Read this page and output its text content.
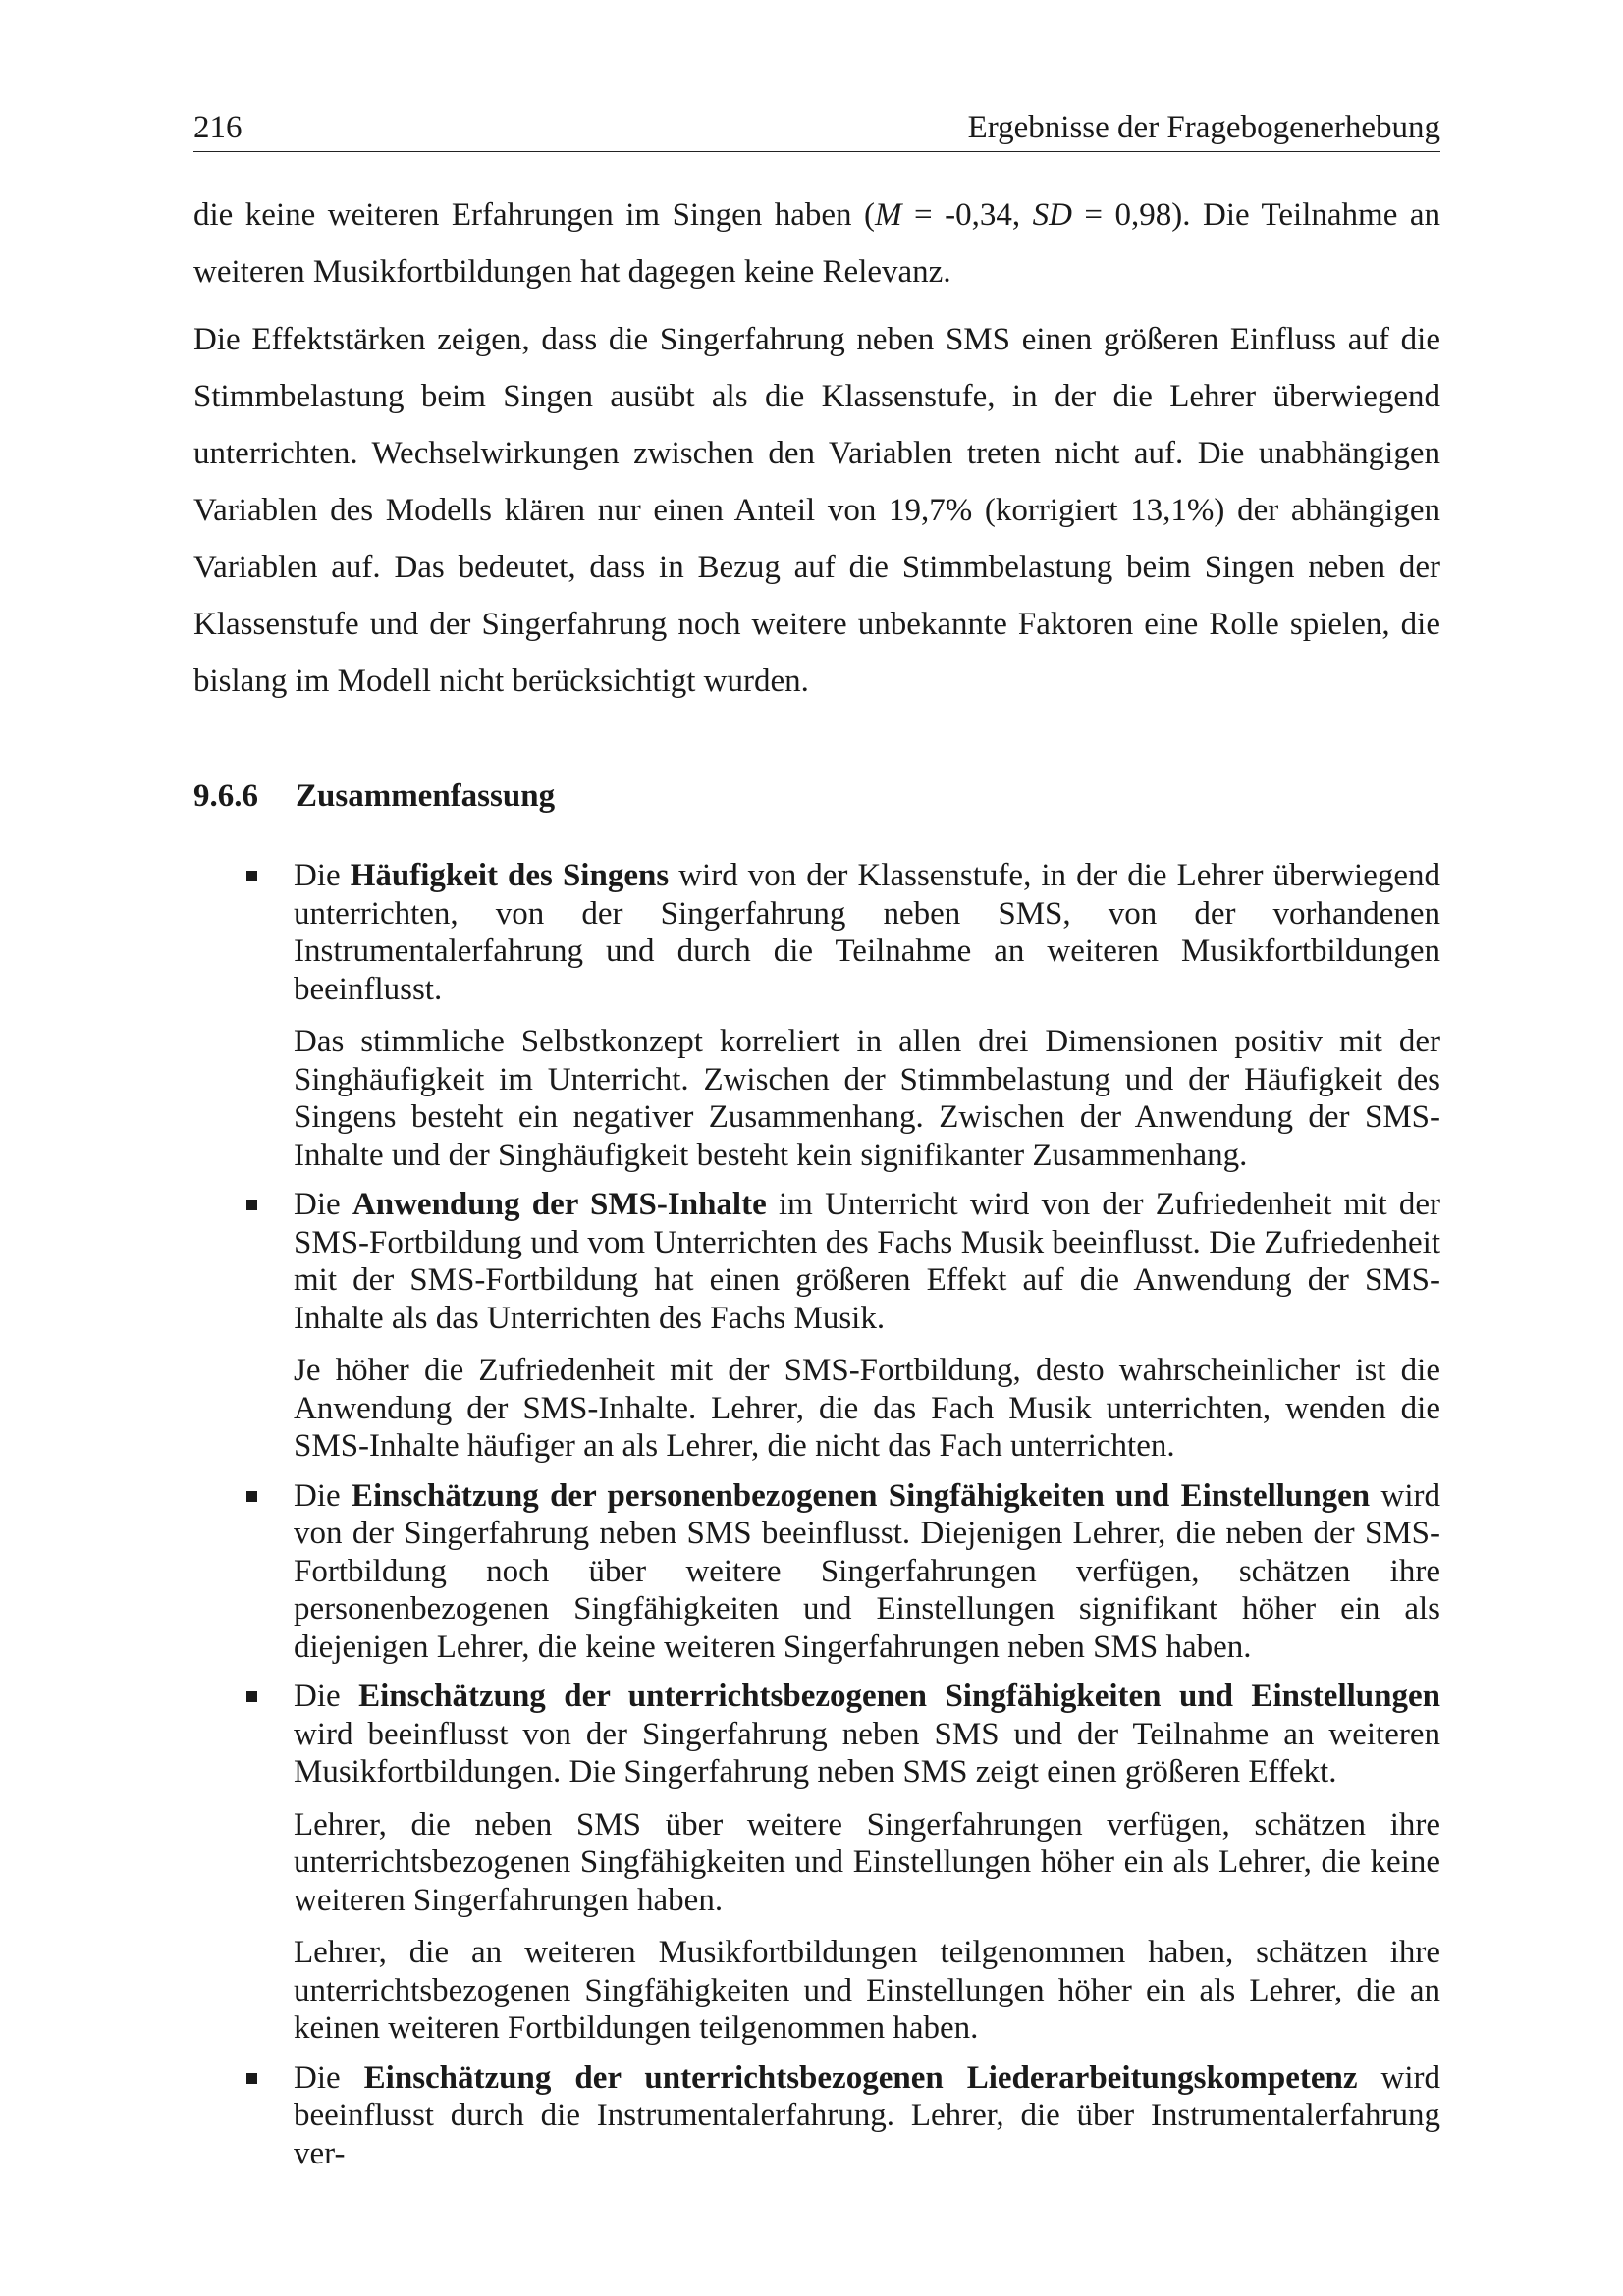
216	Ergebnisse der Fragebogenerhebung

die keine weiteren Erfahrungen im Singen haben (M = -0,34, SD = 0,98). Die Teilnahme an weiteren Musikfortbildungen hat dagegen keine Relevanz.

Die Effektstärken zeigen, dass die Singerfahrung neben SMS einen größeren Einfluss auf die Stimmbelastung beim Singen ausübt als die Klassenstufe, in der die Lehrer überwiegend unterrichten. Wechselwirkungen zwischen den Variablen treten nicht auf. Die unabhängigen Variablen des Modells klären nur einen Anteil von 19,7% (korrigiert 13,1%) der abhängigen Variablen auf. Das bedeutet, dass in Bezug auf die Stimmbelastung beim Singen neben der Klassenstufe und der Singerfahrung noch weitere unbekannte Faktoren eine Rolle spielen, die bislang im Modell nicht berücksichtigt wurden.

9.6.6 Zusammenfassung

Die Häufigkeit des Singens wird von der Klassenstufe, in der die Lehrer überwiegend unterrichten, von der Singerfahrung neben SMS, von der vorhandenen Instrumentalerfahrung und durch die Teilnahme an weiteren Musikfortbildungen beeinflusst.

Das stimmliche Selbstkonzept korreliert in allen drei Dimensionen positiv mit der Singhäufigkeit im Unterricht. Zwischen der Stimmbelastung und der Häufigkeit des Singens besteht ein negativer Zusammenhang. Zwischen der Anwendung der SMS-Inhalte und der Singhäufigkeit besteht kein signifikanter Zusammenhang.

Die Anwendung der SMS-Inhalte im Unterricht wird von der Zufriedenheit mit der SMS-Fortbildung und vom Unterrichten des Fachs Musik beeinflusst. Die Zufriedenheit mit der SMS-Fortbildung hat einen größeren Effekt auf die Anwendung der SMS-Inhalte als das Unterrichten des Fachs Musik.

Je höher die Zufriedenheit mit der SMS-Fortbildung, desto wahrscheinlicher ist die Anwendung der SMS-Inhalte. Lehrer, die das Fach Musik unterrichten, wenden die SMS-Inhalte häufiger an als Lehrer, die nicht das Fach unterrichten.

Die Einschätzung der personenbezogenen Singfähigkeiten und Einstellungen wird von der Singerfahrung neben SMS beeinflusst. Diejenigen Lehrer, die neben der SMS-Fortbildung noch über weitere Singerfahrungen verfügen, schätzen ihre personenbezogenen Singfähigkeiten und Einstellungen signifikant höher ein als diejenigen Lehrer, die keine weiteren Singerfahrungen neben SMS haben.

Die Einschätzung der unterrichtsbezogenen Singfähigkeiten und Einstellungen wird beeinflusst von der Singerfahrung neben SMS und der Teilnahme an weiteren Musikfortbildungen. Die Singerfahrung neben SMS zeigt einen größeren Effekt.

Lehrer, die neben SMS über weitere Singerfahrungen verfügen, schätzen ihre unterrichtsbezogenen Singfähigkeiten und Einstellungen höher ein als Lehrer, die keine weiteren Singerfahrungen haben.

Lehrer, die an weiteren Musikfortbildungen teilgenommen haben, schätzen ihre unterrichtsbezogenen Singfähigkeiten und Einstellungen höher ein als Lehrer, die an keinen weiteren Fortbildungen teilgenommen haben.

Die Einschätzung der unterrichtsbezogenen Liederarbeitungskompetenz wird beeinflusst durch die Instrumentalerfahrung. Lehrer, die über Instrumentalerfahrung ver-
